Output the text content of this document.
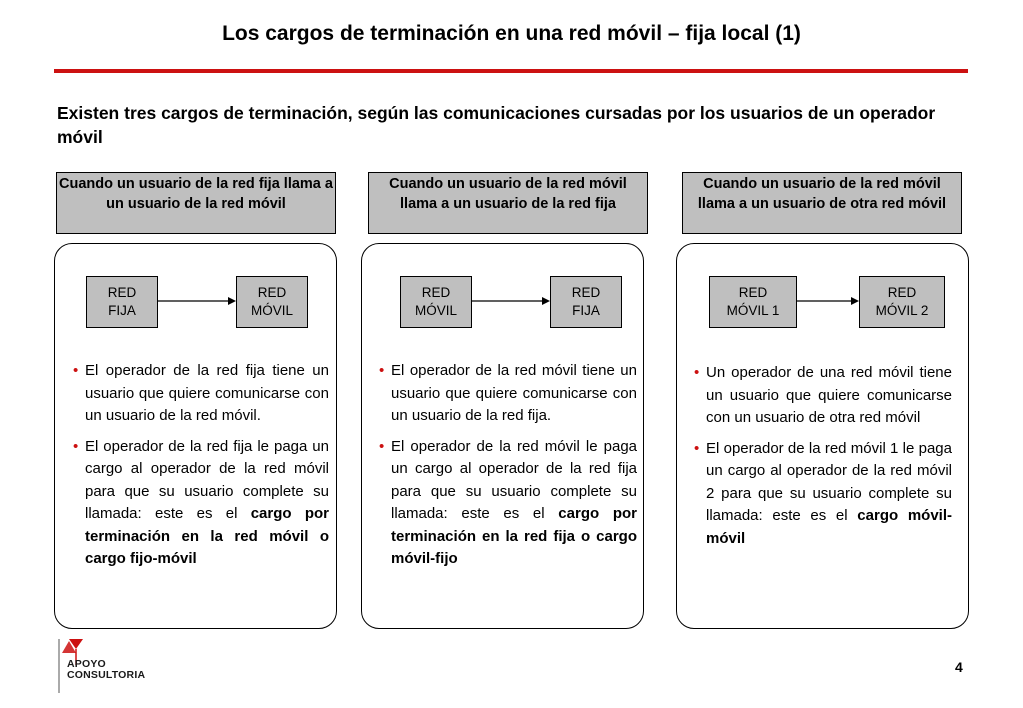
Los cargos de terminación en una red móvil – fija local (1)
Existen tres cargos de terminación, según las comunicaciones cursadas por los usuarios de un operador móvil
Cuando un usuario de la red fija llama a un usuario de la red móvil
RED
FIJA
RED
MÓVIL
• El operador de la red fija tiene un usuario que quiere comunicarse con un usuario de la red móvil.
• El operador de la red fija le paga un cargo al operador de la red móvil para que su usuario complete su llamada: este es el cargo por terminación en la red móvil o cargo fijo-móvil
Cuando un usuario de la red móvil llama a un usuario de la red fija
RED
MÓVIL
RED
FIJA
• El operador de la red móvil tiene un usuario que quiere comunicarse con un usuario de la red fija.
• El operador de la red móvil le paga un cargo al operador de la red fija para que su usuario complete su llamada: este es el cargo por terminación en la red fija o cargo móvil-fijo
Cuando un usuario de la red móvil llama a un usuario de otra red móvil
RED
MÓVIL 1
RED
MÓVIL 2
• Un operador de una red móvil tiene un usuario que quiere comunicarse con un usuario de otra red móvil
• El operador de la red móvil 1 le paga un cargo al operador de la red móvil 2 para que su usuario complete su llamada: este es el cargo móvil-móvil
APOYO
CONSULTORIA	4
